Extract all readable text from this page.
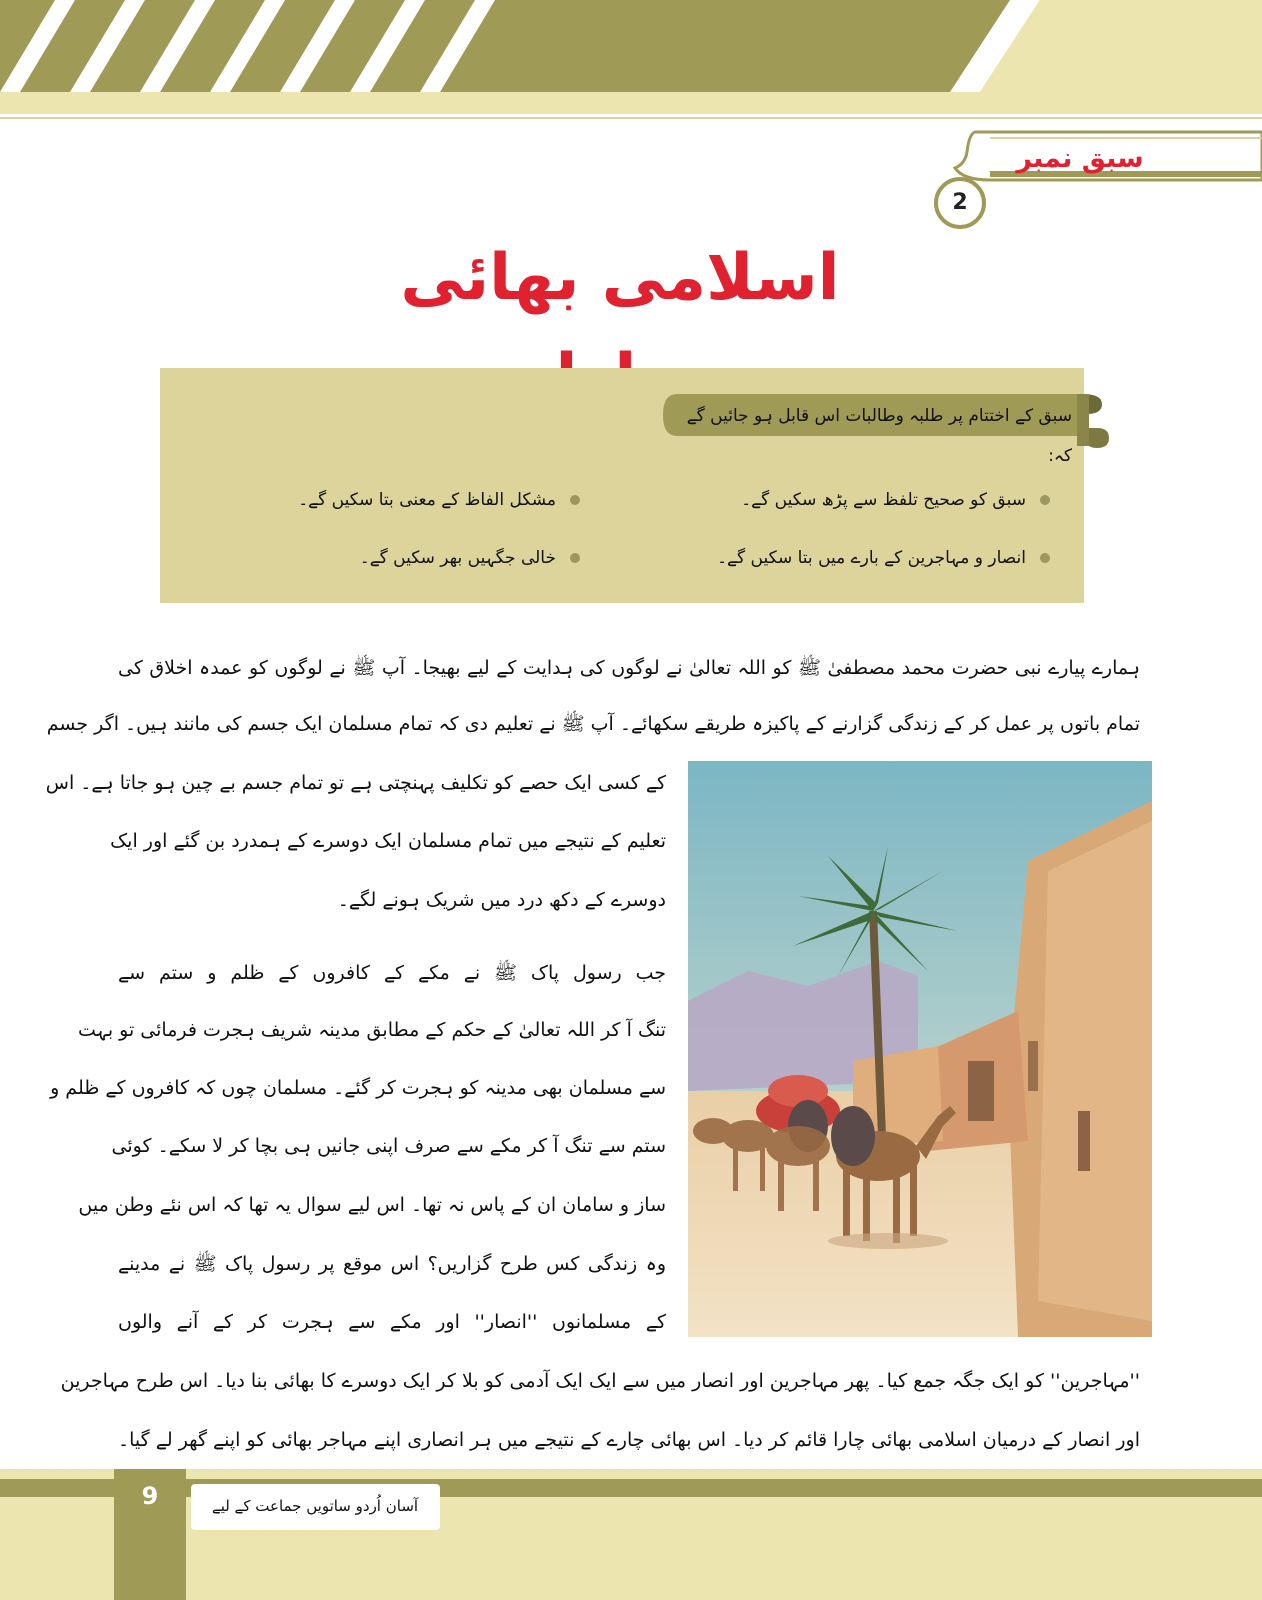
سبق نمبر
2
اسلامی بھائی
سبق کے اختتام پر طلبہ وطالبات اس قابل ہو جائیں گے کہ:
سبق کو صحیح تلفظ سے پڑھ سکیں گے۔
مشکل الفاظ کے معنی بتا سکیں گے۔
انصار و مہاجرین کے بارے میں بتا سکیں گے۔
خالی جگہیں بھر سکیں گے۔
ہمارے پیارے نبی حضرت محمد مصطفیٰ ﷺ کو اللہ تعالیٰ نے لوگوں کی ہدایت کے لیے بھیجا۔ آپ ﷺ نے لوگوں کو عمدہ اخلاق کی
تمام باتوں پر عمل کر کے زندگی گزارنے کے پاکیزہ طریقے سکھائے۔ آپ ﷺ نے تعلیم دی کہ تمام مسلمان ایک جسم کی مانند ہیں۔ اگر جسم
کے کسی ایک حصے کو تکلیف پہنچتی ہے تو تمام جسم بے چین ہو جاتا ہے۔ اس
تعلیم کے نتیجے میں تمام مسلمان ایک دوسرے کے ہمدرد بن گئے اور ایک
دوسرے کے دکھ درد میں شریک ہونے لگے۔
جب رسول پاک ﷺ نے مکے کے کافروں کے ظلم و ستم سے
تنگ آ کر اللہ تعالیٰ کے حکم کے مطابق مدینہ شریف ہجرت فرمائی تو بہت
سے مسلمان بھی مدینہ کو ہجرت کر گئے۔ مسلمان چوں کہ کافروں کے ظلم و
ستم سے تنگ آ کر مکے سے صرف اپنی جانیں ہی بچا کر لا سکے۔ کوئی
ساز و سامان ان کے پاس نہ تھا۔ اس لیے سوال یہ تھا کہ اس نئے وطن میں
وہ زندگی کس طرح گزاریں؟ اس موقع پر رسول پاک ﷺ نے مدینے
کے مسلمانوں ''انصار'' اور مکے سے ہجرت کر کے آنے والوں
''مہاجرین'' کو ایک جگہ جمع کیا۔ پھر مہاجرین اور انصار میں سے ایک ایک آدمی کو بلا کر ایک دوسرے کا بھائی بنا دیا۔ اس طرح مہاجرین
اور انصار کے درمیان اسلامی بھائی چارا قائم کر دیا۔ اس بھائی چارے کے نتیجے میں ہر انصاری اپنے مہاجر بھائی کو اپنے گھر لے گیا۔
9	آسان اُردو ساتویں جماعت کے لیے
